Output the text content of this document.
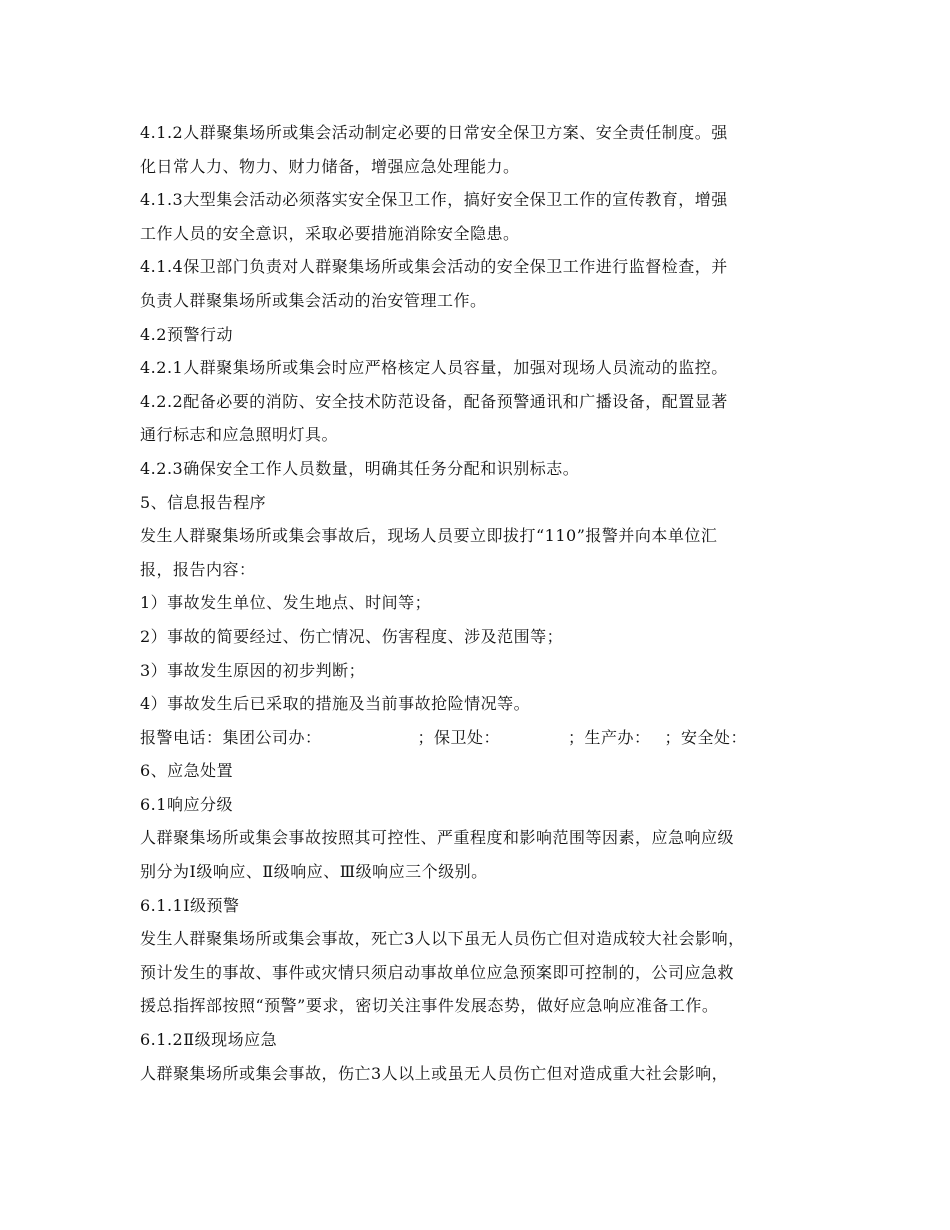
4.1.2人群聚集场所或集会活动制定必要的日常安全保卫方案、安全责任制度。强
化日常人力、物力、财力储备，增强应急处理能力。
4.1.3大型集会活动必须落实安全保卫工作，搞好安全保卫工作的宣传教育，增强
工作人员的安全意识，采取必要措施消除安全隐患。
4.1.4保卫部门负责对人群聚集场所或集会活动的安全保卫工作进行监督检查，并
负责人群聚集场所或集会活动的治安管理工作。
4.2预警行动
4.2.1人群聚集场所或集会时应严格核定人员容量，加强对现场人员流动的监控。
4.2.2配备必要的消防、安全技术防范设备，配备预警通讯和广播设备，配置显著
通行标志和应急照明灯具。
4.2.3确保安全工作人员数量，明确其任务分配和识别标志。
5、信息报告程序
发生人群聚集场所或集会事故后，现场人员要立即拔打“110”报警并向本单位汇
报，报告内容：
1）事故发生单位、发生地点、时间等；
2）事故的简要经过、伤亡情况、伤害程度、涉及范围等；
3）事故发生原因的初步判断；
4）事故发生后已采取的措施及当前事故抢险情况等。
报警电话：集团公司办：	；保卫处：	；生产办： ；安全处：
6、应急处置
6.1响应分级
人群聚集场所或集会事故按照其可控性、严重程度和影响范围等因素，应急响应级
别分为Ⅰ级响应、Ⅱ级响应、Ⅲ级响应三个级别。
6.1.1Ⅰ级预警
发生人群聚集场所或集会事故，死亡3人以下虽无人员伤亡但对造成较大社会影响，
预计发生的事故、事件或灾情只须启动事故单位应急预案即可控制的，公司应急救
援总指挥部按照“预警”要求，密切关注事件发展态势，做好应急响应准备工作。
6.1.2Ⅱ级现场应急
人群聚集场所或集会事故，伤亡3人以上或虽无人员伤亡但对造成重大社会影响，
